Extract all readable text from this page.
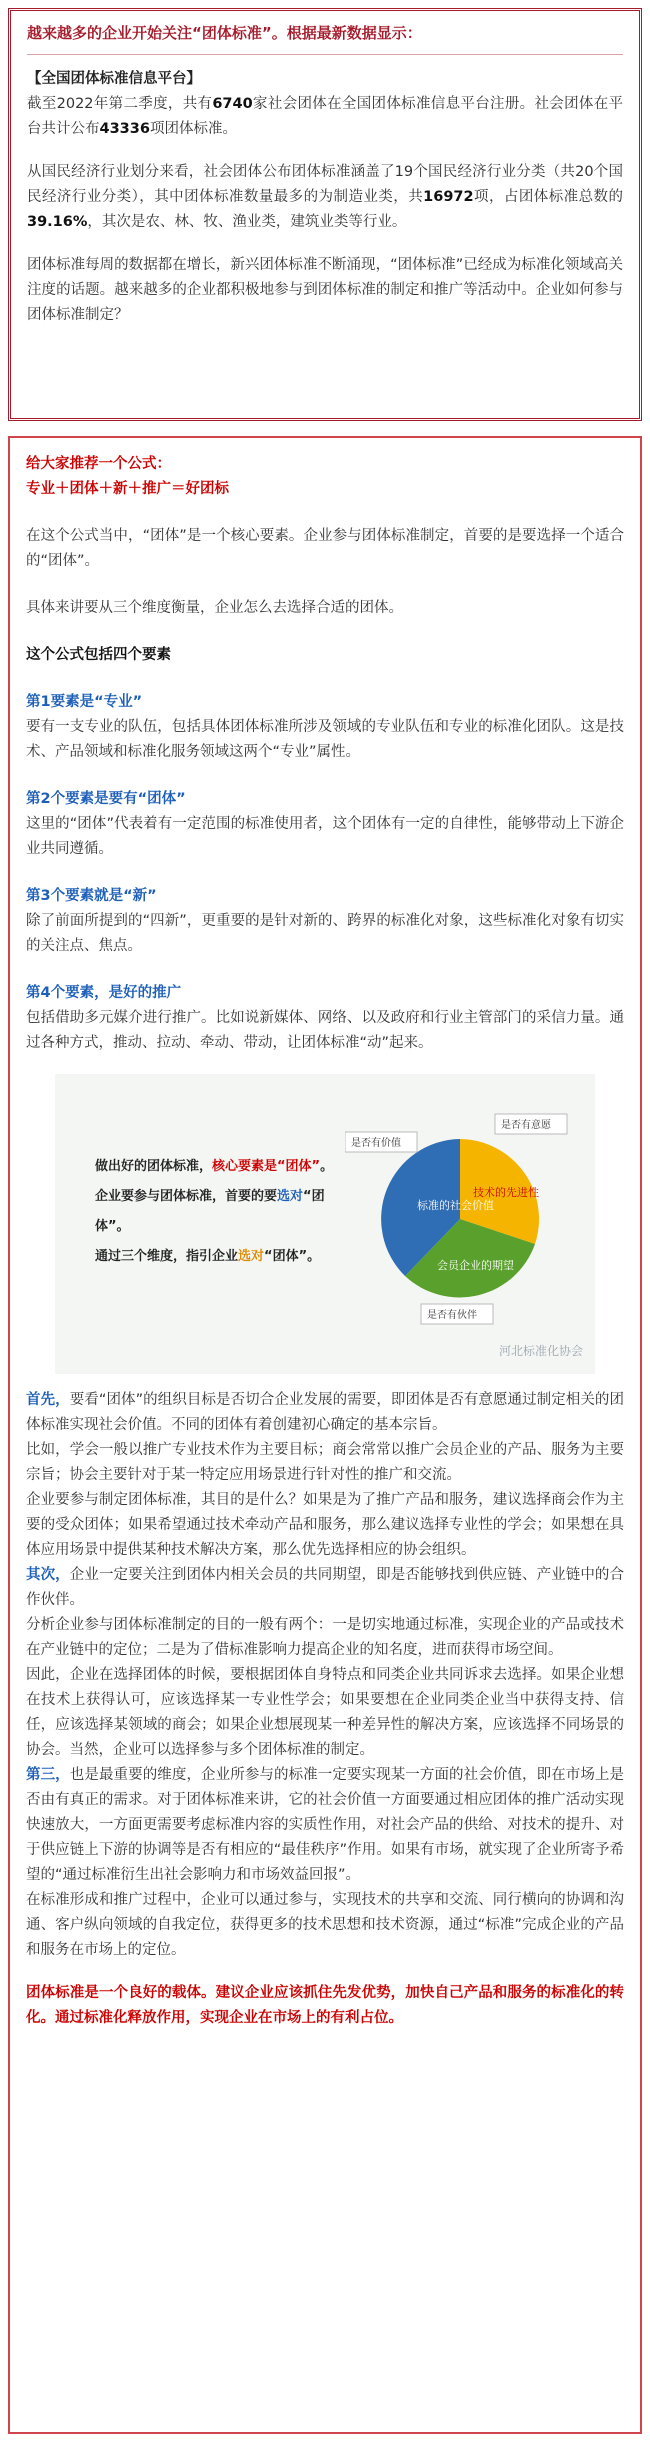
越来越多的企业开始关注“团体标准”。根据最新数据显示：

【全国团体标准信息平台】
截至2022年第二季度，共有6740家社会团体在全国团体标准信息平台注册。社会团体在平台共计公布43336项团体标准。

从国民经济行业划分来看，社会团体公布团体标准涵盖了19个国民经济行业分类（共20个国民经济行业分类），其中团体标准数量最多的为制造业类，共16972项，占团体标准总数的39.16%，其次是农、林、牧、渔业类，建筑业类等行业。

团体标准每周的数据都在增长，新兴团体标准不断涌现，“团体标准”已经成为标准化领域高关注度的话题。越来越多的企业都积极地参与到团体标准的制定和推广等活动中。企业如何参与团体标准制定？

给大家推荐一个公式：
专业＋团体＋新＋推广＝好团标

在这个公式当中，“团体”是一个核心要素。企业参与团体标准制定，首要的是要选择一个适合的“团体”。

具体来讲要从三个维度衡量，企业怎么去选择合适的团体。

这个公式包括四个要素
第1要素是“专业”

要有一支专业的队伍，包括具体团体标准所涉及领域的专业队伍和专业的标准化团队。这是技术、产品领域和标准化服务领域这两个“专业”属性。

第2个要素是要有“团体”

这里的“团体”代表着有一定范围的标准使用者，这个团体有一定的自律性，能够带动上下游企业共同遵循。

第3个要素就是“新”

除了前面所提到的“四新”，更重要的是针对新的、跨界的标准化对象，这些标准化对象有切实的关注点、焦点。

第4个要素，是好的推广

包括借助多元媒介进行推广。比如说新媒体、网络、以及政府和行业主管部门的采信力量。通过各种方式，推动、拉动、牵动、带动，让团体标准“动”起来。

做出好的团体标准，核心要素是“团体”。
企业要参与团体标准，首要的要选对“团体”。
通过三个维度，指引企业选对“团体”。
标准的社会价值
技术的先进性
会员企业的期望
是否有价值
是否有意愿
是否有伙伴
河北标准化协会

首先，要看“团体”的组织目标是否切合企业发展的需要，即团体是否有意愿通过制定相关的团体标准实现社会价值。不同的团体有着创建初心确定的基本宗旨。

比如，学会一般以推广专业技术作为主要目标；商会常常以推广会员企业的产品、服务为主要宗旨；协会主要针对于某一特定应用场景进行针对性的推广和交流。

企业要参与制定团体标准，其目的是什么？如果是为了推广产品和服务，建议选择商会作为主要的受众团体；如果希望通过技术牵动产品和服务，那么建议选择专业性的学会；如果想在具体应用场景中提供某种技术解决方案，那么优先选择相应的协会组织。

其次，企业一定要关注到团体内相关会员的共同期望，即是否能够找到供应链、产业链中的合作伙伴。

分析企业参与团体标准制定的目的一般有两个：一是切实地通过标准，实现企业的产品或技术在产业链中的定位；二是为了借标准影响力提高企业的知名度，进而获得市场空间。

因此，企业在选择团体的时候，要根据团体自身特点和同类企业共同诉求去选择。如果企业想在技术上获得认可，应该选择某一专业性学会；如果要想在企业同类企业当中获得支持、信任，应该选择某领域的商会；如果企业想展现某一种差异性的解决方案，应该选择不同场景的协会。当然，企业可以选择参与多个团体标准的制定。

第三，也是最重要的维度，企业所参与的标准一定要实现某一方面的社会价值，即在市场上是否由有真正的需求。对于团体标准来讲，它的社会价值一方面要通过相应团体的推广活动实现快速放大，一方面更需要考虑标准内容的实质性作用，对社会产品的供给、对技术的提升、对于供应链上下游的协调等是否有相应的“最佳秩序”作用。如果有市场，就实现了企业所寄予希望的“通过标准衍生出社会影响力和市场效益回报”。

在标准形成和推广过程中，企业可以通过参与，实现技术的共享和交流、同行横向的协调和沟通、客户纵向领域的自我定位，获得更多的技术思想和技术资源，通过“标准”完成企业的产品和服务在市场上的定位。

团体标准是一个良好的载体。建议企业应该抓住先发优势，加快自己产品和服务的标准化的转化。通过标准化释放作用，实现企业在市场上的有利占位。
